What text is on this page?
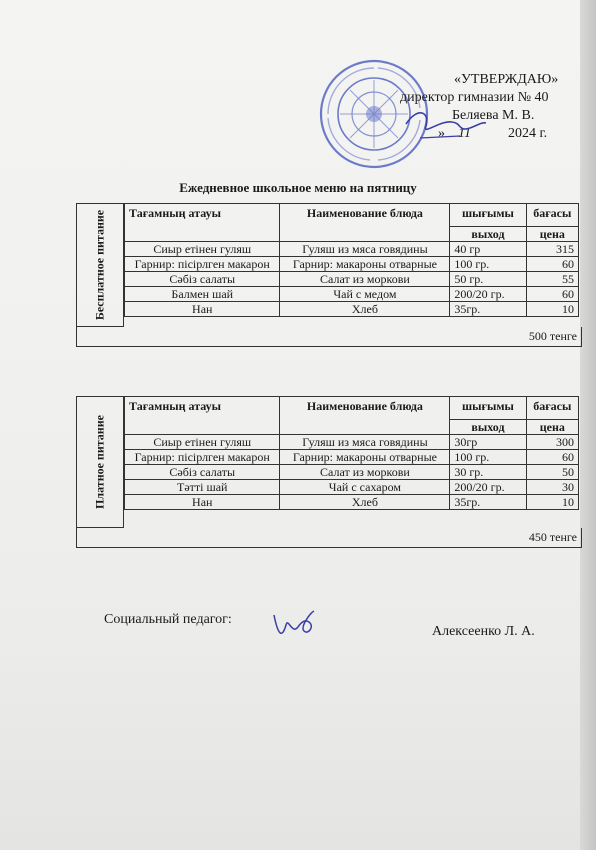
«УТВЕРЖДАЮ»
директор гимназии № 40
Беляева М. В.
» 11	2024 г.
Ежедневное школьное меню на пятницу
Бесплатное питание Тағамның атауы	Наименование блюда	шығымы	бағасы
		выход	цена
Сиыр етінен гуляш	Гуляш из мяса говядины	40 гр	315
Гарнир: пісірлген макарон	Гарнир: макароны отварные	100 гр.	60
Сәбіз салаты	Салат из моркови	50 гр.	55
Балмен шай	Чай с медом	200/20 гр.	60
Нан	Хлеб	35гр.	10
500 тенге
Платное питание
Тағамның атауы	Наименование блюда	шығымы	бағасы
		выход	цена
Сиыр етінен гуляш	Гуляш из мяса говядины	30гр	300
Гарнир: пісірлген макарон	Гарнир: макароны отварные	100 гр.	60
Сәбіз салаты	Салат из моркови	30 гр.	50
Тәтті шай	Чай с сахаром	200/20 гр.	30
Нан	Хлеб	35гр.	10
450 тенге
Социальный педагог:
Алексеенко Л. А.
